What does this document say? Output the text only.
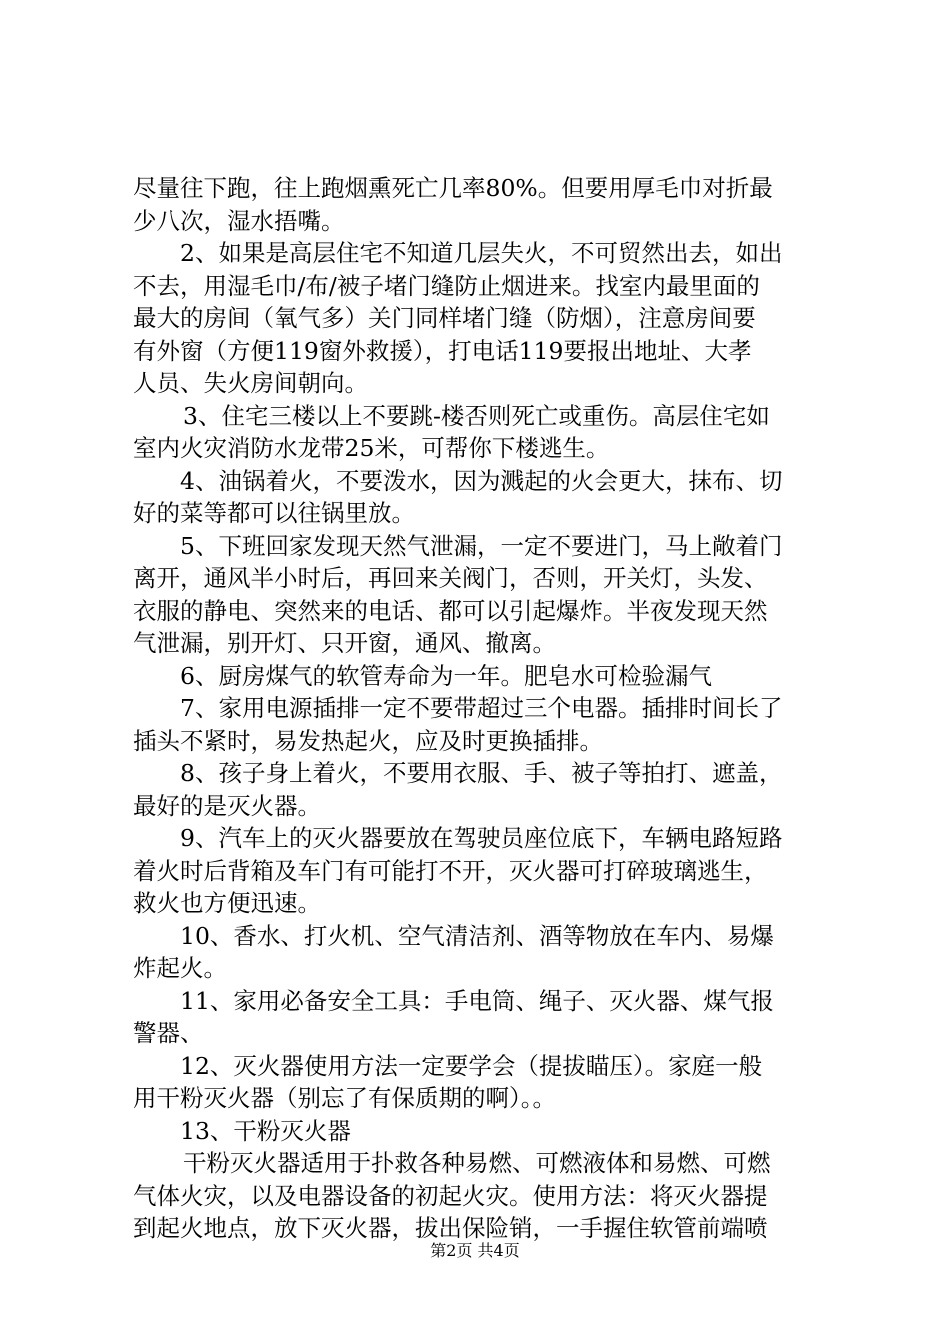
尽量往下跑，往上跑烟熏死亡几率80%。但要用厚毛巾对折最
少八次，湿水捂嘴。
2、如果是高层住宅不知道几层失火，不可贸然出去，如出
不去，用湿毛巾/布/被子堵门缝防止烟进来。找室内最里面的
最大的房间（氧气多）关门同样堵门缝（防烟），注意房间要
有外窗（方便119窗外救援），打电话119要报出地址、大孝
人员、失火房间朝向。
3、住宅三楼以上不要跳-楼否则死亡或重伤。高层住宅如
室内火灾消防水龙带25米，可帮你下楼逃生。
4、油锅着火，不要泼水，因为溅起的火会更大，抹布、切
好的菜等都可以往锅里放。
5、下班回家发现天然气泄漏，一定不要进门，马上敞着门
离开，通风半小时后，再回来关阀门，否则，开关灯，头发、
衣服的静电、突然来的电话、都可以引起爆炸。半夜发现天然
气泄漏，别开灯、只开窗，通风、撤离。
6、厨房煤气的软管寿命为一年。肥皂水可检验漏气
7、家用电源插排一定不要带超过三个电器。插排时间长了
插头不紧时，易发热起火，应及时更换插排。
8、孩子身上着火，不要用衣服、手、被子等拍打、遮盖，
最好的是灭火器。
9、汽车上的灭火器要放在驾驶员座位底下，车辆电路短路
着火时后背箱及车门有可能打不开，灭火器可打碎玻璃逃生，
救火也方便迅速。
10、香水、打火机、空气清洁剂、酒等物放在车内、易爆
炸起火。
11、家用必备安全工具：手电筒、绳子、灭火器、煤气报
警器、
12、灭火器使用方法一定要学会（提拔瞄压）。家庭一般
用干粉灭火器（别忘了有保质期的啊）。。
13、干粉灭火器
干粉灭火器适用于扑救各种易燃、可燃液体和易燃、可燃
气体火灾，以及电器设备的初起火灾。使用方法：将灭火器提
到起火地点，放下灭火器，拔出保险销，一手握住软管前端喷
第2页 共4页
